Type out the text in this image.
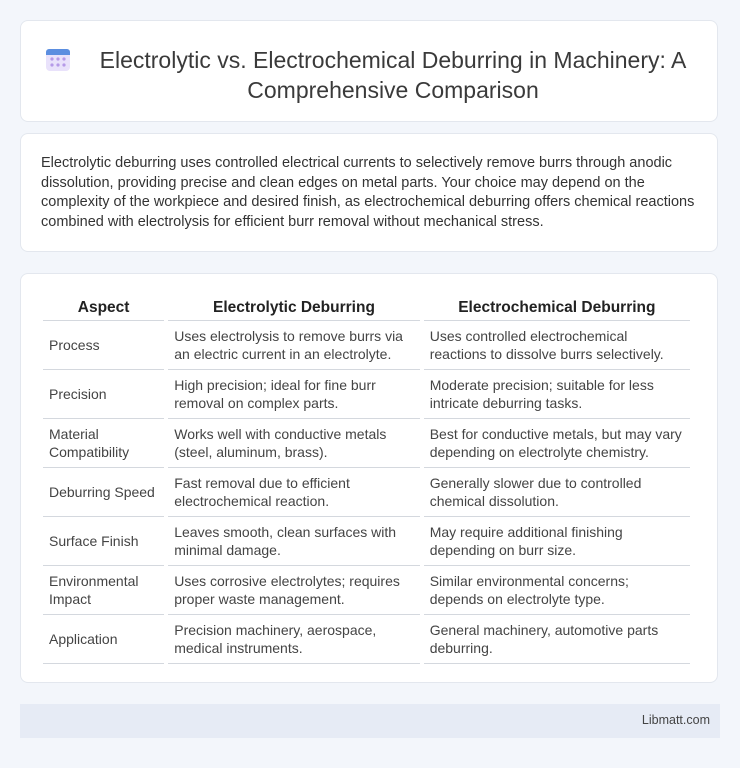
Electrolytic vs. Electrochemical Deburring in Machinery: A Comprehensive Comparison
Electrolytic deburring uses controlled electrical currents to selectively remove burrs through anodic dissolution, providing precise and clean edges on metal parts. Your choice may depend on the complexity of the workpiece and desired finish, as electrochemical deburring offers chemical reactions combined with electrolysis for efficient burr removal without mechanical stress.
Aspect	Electrolytic Deburring	Electrochemical Deburring
Process	Uses electrolysis to remove burrs via an electric current in an electrolyte.	Uses controlled electrochemical reactions to dissolve burrs selectively.
Precision	High precision; ideal for fine burr removal on complex parts.	Moderate precision; suitable for less intricate deburring tasks.
Material Compatibility	Works well with conductive metals (steel, aluminum, brass).	Best for conductive metals, but may vary depending on electrolyte chemistry.
Deburring Speed	Fast removal due to efficient electrochemical reaction.	Generally slower due to controlled chemical dissolution.
Surface Finish	Leaves smooth, clean surfaces with minimal damage.	May require additional finishing depending on burr size.
Environmental Impact	Uses corrosive electrolytes; requires proper waste management.	Similar environmental concerns; depends on electrolyte type.
Application	Precision machinery, aerospace, medical instruments.	General machinery, automotive parts deburring.
Libmatt.com
